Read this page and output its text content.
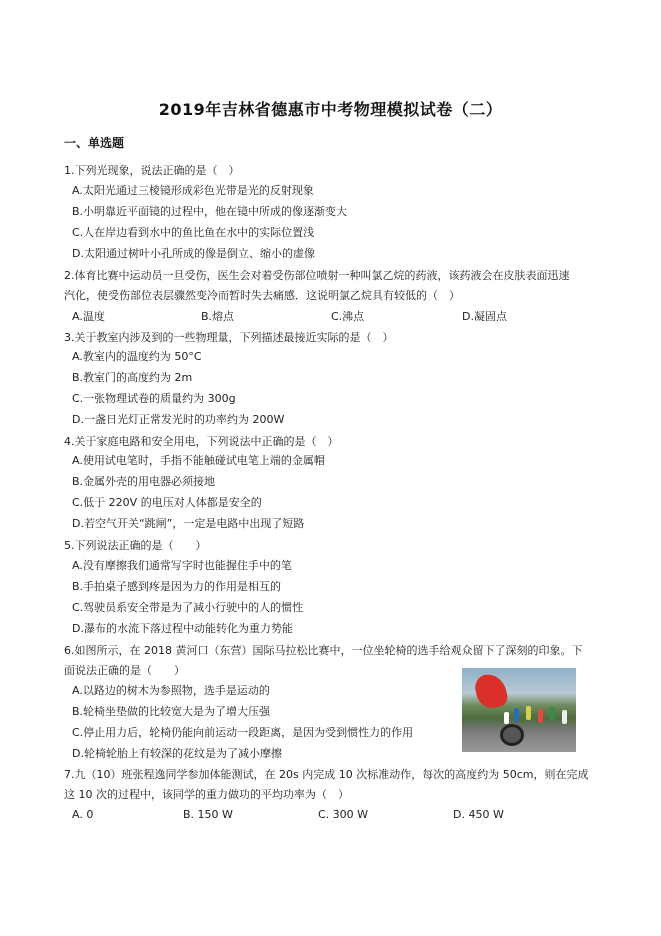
2019年吉林省德惠市中考物理模拟试卷（二）
一、单选题
1.下列光现象，说法正确的是（　）
A.太阳光通过三棱镜形成彩色光带是光的反射现象
B.小明靠近平面镜的过程中，他在镜中所成的像逐渐变大
C.人在岸边看到水中的鱼比鱼在水中的实际位置浅
D.太阳通过树叶小孔所成的像是倒立、缩小的虚像
2.体育比赛中运动员一旦受伤，医生会对着受伤部位喷射一种叫氯乙烷的药液，该药液会在皮肤表面迅速
汽化，使受伤部位表层骤然变冷而暂时失去痛感．这说明氯乙烷具有较低的（　）
A.温度	B.熔点	C.沸点	D.凝固点
3.关于教室内涉及到的一些物理量，下列描述最接近实际的是（　）
A.教室内的温度约为 50°C
B.教室门的高度约为 2m
C.一张物理试卷的质量约为 300g
D.一盏日光灯正常发光时的功率约为 200W
4.关于家庭电路和安全用电，下列说法中正确的是（　）
A.使用试电笔时，手指不能触碰试电笔上端的金属帽
B.金属外壳的用电器必须接地
C.低于 220V 的电压对人体都是安全的
D.若空气开关“跳闸”，一定是电路中出现了短路
5.下列说法正确的是（　　）
A.没有摩擦我们通常写字时也能握住手中的笔
B.手拍桌子感到疼是因为力的作用是相互的
C.驾驶员系安全带是为了减小行驶中的人的惯性
D.瀑布的水流下落过程中动能转化为重力势能
6.如图所示，在 2018 黄河口（东营）国际马拉松比赛中，一位坐轮椅的选手给观众留下了深刻的印象。下
面说法正确的是（　　）
A.以路边的树木为参照物，选手是运动的
B.轮椅坐垫做的比较宽大是为了增大压强
C.停止用力后，轮椅仍能向前运动一段距离，是因为受到惯性力的作用
D.轮椅轮胎上有较深的花纹是为了减小摩擦
7.九（10）班张程逸同学参加体能测试，在 20s 内完成 10 次标准动作，每次的高度约为 50cm，则在完成
这 10 次的过程中，该同学的重力做功的平均功率为（　）
A. 0	B. 150 W	C. 300 W	D. 450 W
